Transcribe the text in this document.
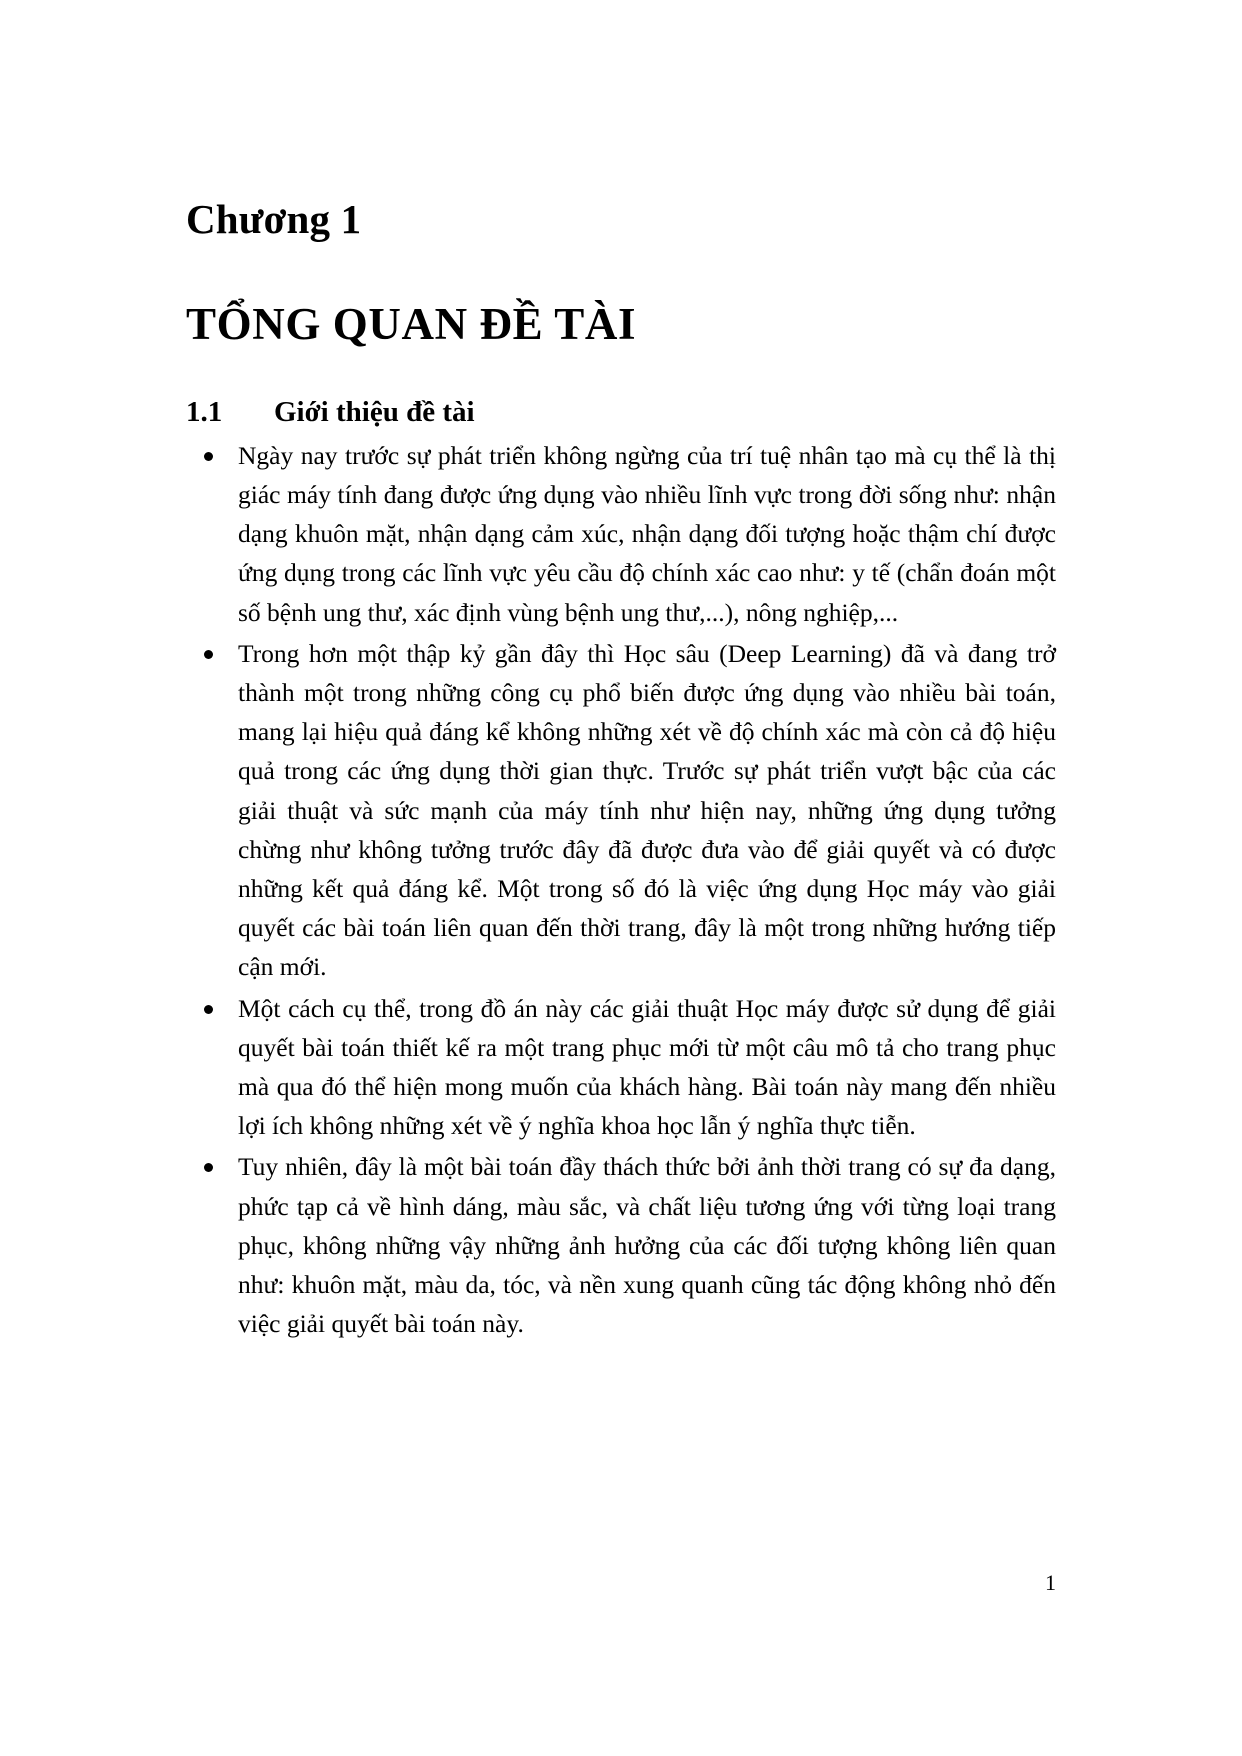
Chương 1
TỔNG QUAN ĐỀ TÀI
1.1	Giới thiệu đề tài
Ngày nay trước sự phát triển không ngừng của trí tuệ nhân tạo mà cụ thể là thị giác máy tính đang được ứng dụng vào nhiều lĩnh vực trong đời sống như: nhận dạng khuôn mặt, nhận dạng cảm xúc, nhận dạng đối tượng hoặc thậm chí được ứng dụng trong các lĩnh vực yêu cầu độ chính xác cao như: y tế (chẩn đoán một số bệnh ung thư, xác định vùng bệnh ung thư,...), nông nghiệp,...
Trong hơn một thập kỷ gần đây thì Học sâu (Deep Learning) đã và đang trở thành một trong những công cụ phổ biến được ứng dụng vào nhiều bài toán, mang lại hiệu quả đáng kể không những xét về độ chính xác mà còn cả độ hiệu quả trong các ứng dụng thời gian thực. Trước sự phát triển vượt bậc của các giải thuật và sức mạnh của máy tính như hiện nay, những ứng dụng tưởng chừng như không tưởng trước đây đã được đưa vào để giải quyết và có được những kết quả đáng kể. Một trong số đó là việc ứng dụng Học máy vào giải quyết các bài toán liên quan đến thời trang, đây là một trong những hướng tiếp cận mới.
Một cách cụ thể, trong đồ án này các giải thuật Học máy được sử dụng để giải quyết bài toán thiết kế ra một trang phục mới từ một câu mô tả cho trang phục mà qua đó thể hiện mong muốn của khách hàng. Bài toán này mang đến nhiều lợi ích không những xét về ý nghĩa khoa học lẫn ý nghĩa thực tiễn.
Tuy nhiên, đây là một bài toán đầy thách thức bởi ảnh thời trang có sự đa dạng, phức tạp cả về hình dáng, màu sắc, và chất liệu tương ứng với từng loại trang phục, không những vậy những ảnh hưởng của các đối tượng không liên quan như: khuôn mặt, màu da, tóc, và nền xung quanh cũng tác động không nhỏ đến việc giải quyết bài toán này.
1
